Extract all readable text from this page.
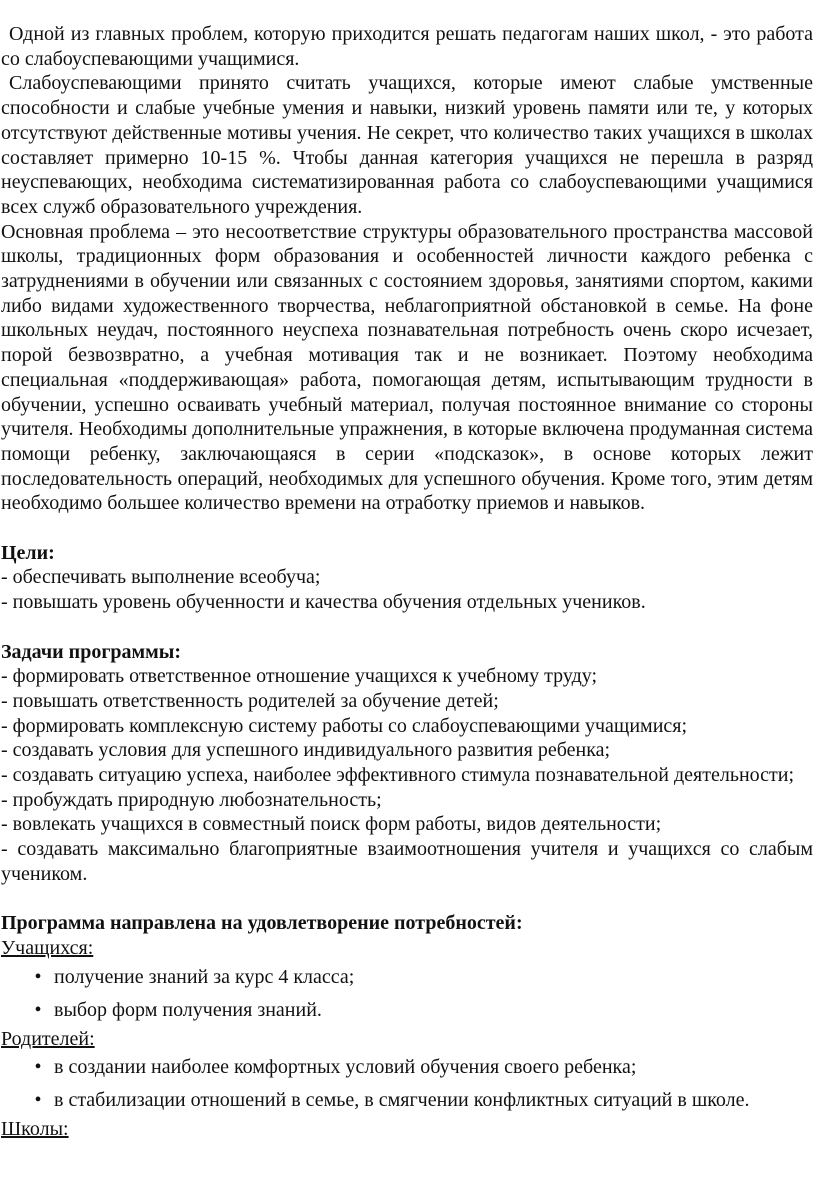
Одной из главных проблем, которую приходится решать педагогам наших школ, - это работа со слабоуспевающими учащимися.

Слабоуспевающими принято считать учащихся, которые имеют слабые умственные способности и слабые учебные умения и навыки, низкий уровень памяти или те, у которых отсутствуют действенные мотивы учения. Не секрет, что количество таких учащихся в школах составляет примерно 10-15 %. Чтобы данная категория учащихся не перешла в разряд неуспевающих, необходима систематизированная работа со слабоуспевающими учащимися всех служб образовательного учреждения.

Основная проблема – это несоответствие структуры образовательного пространства массовой школы, традиционных форм образования и особенностей личности каждого ребенка с затруднениями в обучении или связанных с состоянием здоровья, занятиями спортом, какими либо видами художественного творчества, неблагоприятной обстановкой в семье. На фоне школьных неудач, постоянного неуспеха познавательная потребность очень скоро исчезает, порой безвозвратно, а учебная мотивация так и не возникает. Поэтому необходима специальная «поддерживающая» работа, помогающая детям, испытывающим трудности в обучении, успешно осваивать учебный материал, получая постоянное внимание со стороны учителя. Необходимы дополнительные упражнения, в которые включена продуманная система помощи ребенку, заключающаяся в серии «подсказок», в основе которых лежит последовательность операций, необходимых для успешного обучения. Кроме того, этим детям необходимо большее количество времени на отработку приемов и навыков.

Цели:

- обеспечивать выполнение всеобуча;

- повышать уровень обученности и качества обучения отдельных учеников.

Задачи программы:

- формировать ответственное отношение учащихся к учебному труду;

- повышать ответственность родителей за обучение детей;

- формировать комплексную систему работы со слабоуспевающими учащимися;

- создавать условия для успешного индивидуального развития ребенка;

- создавать ситуацию успеха, наиболее эффективного стимула познавательной деятельности;

- пробуждать природную любознательность;

- вовлекать учащихся в совместный поиск форм работы, видов деятельности;

- создавать максимально благоприятные взаимоотношения учителя и учащихся со слабым учеником.

Программа направлена на удовлетворение потребностей:

Учащихся:

• получение знаний за курс 4 класса;
• выбор форм получения знаний.

Родителей:

• в создании наиболее комфортных условий обучения своего ребенка;
• в стабилизации отношений в семье, в смягчении конфликтных ситуаций в школе.

Школы:
